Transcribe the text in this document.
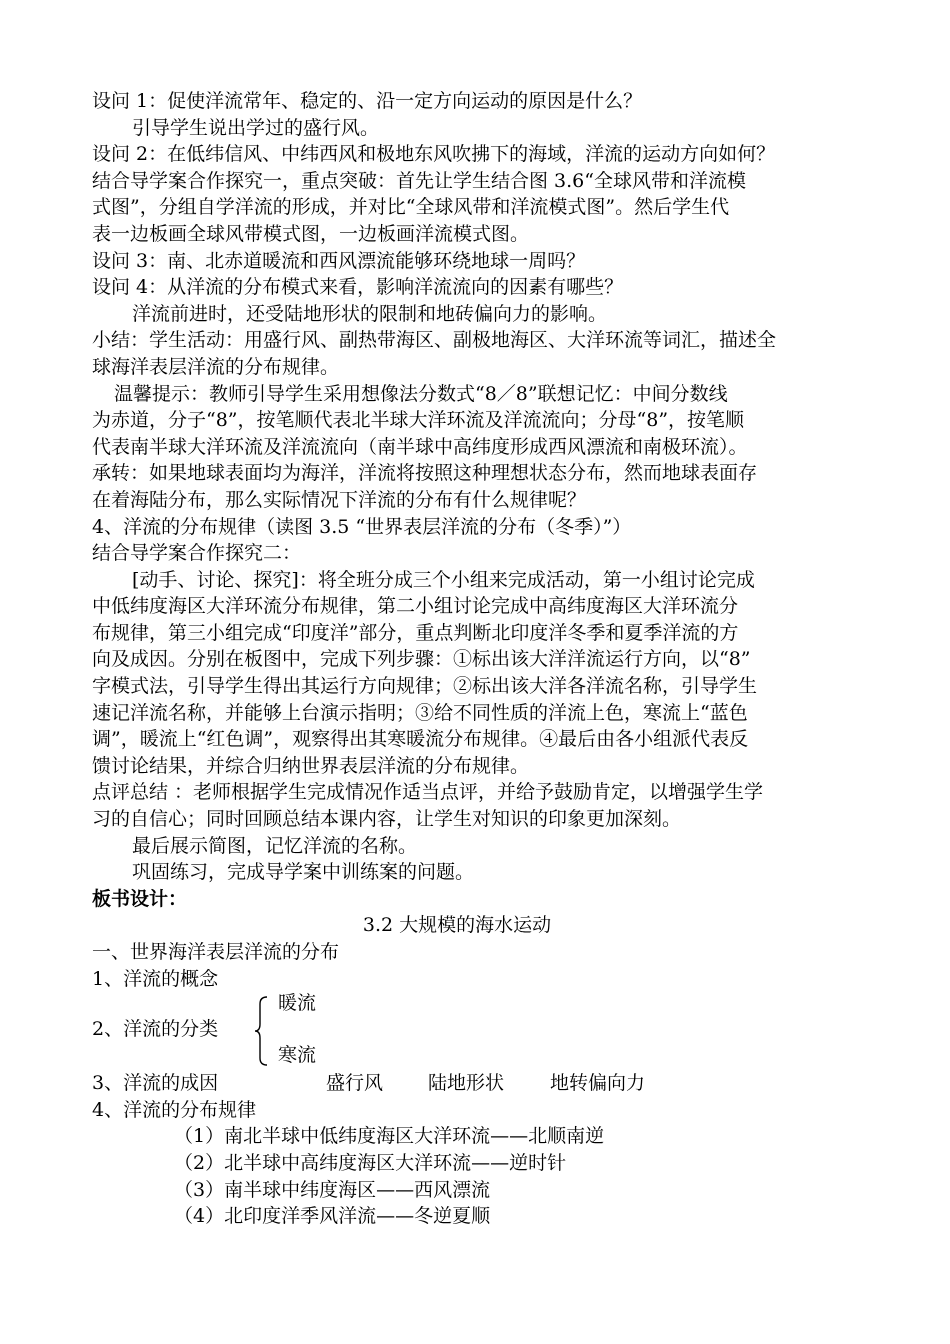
设问 1：促使洋流常年、稳定的、沿一定方向运动的原因是什么？

引导学生说出学过的盛行风。

设问 2：在低纬信风、中纬西风和极地东风吹拂下的海域，洋流的运动方向如何？

结合导学案合作探究一，重点突破：首先让学生结合图 3.6“全球风带和洋流模

式图”，分组自学洋流的形成，并对比“全球风带和洋流模式图”。然后学生代

表一边板画全球风带模式图，一边板画洋流模式图。

设问 3：南、北赤道暖流和西风漂流能够环绕地球一周吗？

设问 4：从洋流的分布模式来看，影响洋流流向的因素有哪些？

洋流前进时，还受陆地形状的限制和地砖偏向力的影响。

小结：学生活动：用盛行风、副热带海区、副极地海区、大洋环流等词汇，描述全

球海洋表层洋流的分布规律。

温馨提示：教师引导学生采用想像法分数式“8／8”联想记忆：中间分数线

为赤道，分子“8”，按笔顺代表北半球大洋环流及洋流流向；分母“8”，按笔顺

代表南半球大洋环流及洋流流向（南半球中高纬度形成西风漂流和南极环流）。

承转：如果地球表面均为海洋，洋流将按照这种理想状态分布，然而地球表面存

在着海陆分布，那么实际情况下洋流的分布有什么规律呢？

4、洋流的分布规律（读图 3.5 “世界表层洋流的分布（冬季）”）

结合导学案合作探究二：

[动手、讨论、探究]：将全班分成三个小组来完成活动，第一小组讨论完成

中低纬度海区大洋环流分布规律，第二小组讨论完成中高纬度海区大洋环流分

布规律，第三小组完成“印度洋”部分，重点判断北印度洋冬季和夏季洋流的方

向及成因。分别在板图中，完成下列步骤：①标出该大洋洋流运行方向，以“8”

字模式法，引导学生得出其运行方向规律；②标出该大洋各洋流名称，引导学生

速记洋流名称，并能够上台演示指明；③给不同性质的洋流上色，寒流上“蓝色

调”，暖流上“红色调”，观察得出其寒暖流分布规律。④最后由各小组派代表反

馈讨论结果，并综合归纳世界表层洋流的分布规律。

点评总结 ：老师根据学生完成情况作适当点评，并给予鼓励肯定，以增强学生学

习的自信心；同时回顾总结本课内容，让学生对知识的印象更加深刻。

最后展示简图，记忆洋流的名称。

巩固练习，完成导学案中训练案的问题。

板书设计：

3.2 大规模的海水运动

一、世界海洋表层洋流的分布

1、洋流的概念

2、洋流的分类
暖流
寒流
3、洋流的成因	盛行风	陆地形状	地转偏向力

4、洋流的分布规律

（1）南北半球中低纬度海区大洋环流——北顺南逆

（2）北半球中高纬度海区大洋环流——逆时针

（3）南半球中纬度海区——西风漂流

（4）北印度洋季风洋流——冬逆夏顺
